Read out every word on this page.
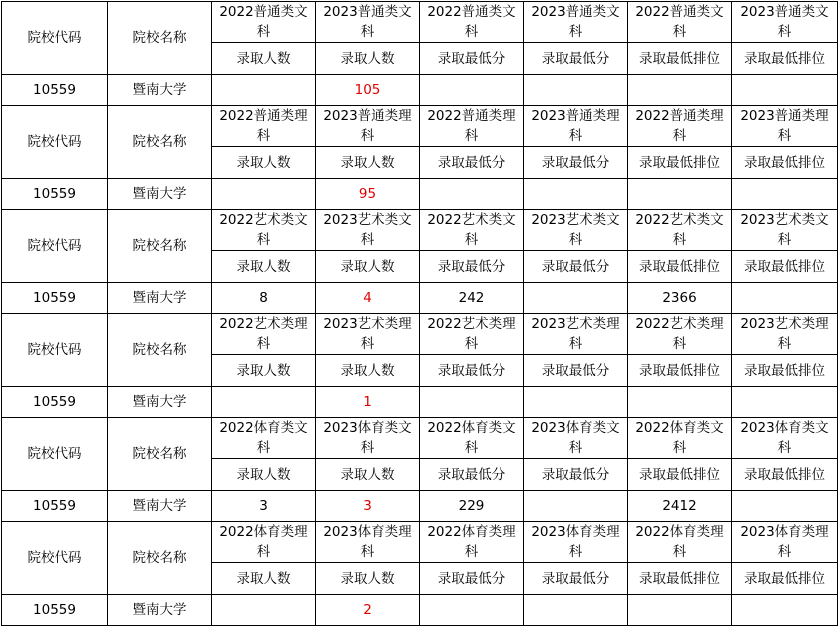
院校代码	院校名称	2022普通类文科	2023普通类文科	2022普通类文科	2023普通类文科	2022普通类文科	2023普通类文科
		录取人数	录取人数	录取最低分	录取最低分	录取最低排位	录取最低排位
10559	暨南大学		105				
院校代码	院校名称	2022普通类理科	2023普通类理科	2022普通类理科	2023普通类理科	2022普通类理科	2023普通类理科
		录取人数	录取人数	录取最低分	录取最低分	录取最低排位	录取最低排位
10559	暨南大学		95				
院校代码	院校名称	2022艺术类文科	2023艺术类文科	2022艺术类文科	2023艺术类文科	2022艺术类文科	2023艺术类文科
		录取人数	录取人数	录取最低分	录取最低分	录取最低排位	录取最低排位
10559	暨南大学	8	4	242		2366	
院校代码	院校名称	2022艺术类理科	2023艺术类理科	2022艺术类理科	2023艺术类理科	2022艺术类理科	2023艺术类理科
		录取人数	录取人数	录取最低分	录取最低分	录取最低排位	录取最低排位
10559	暨南大学		1				
院校代码	院校名称	2022体育类文科	2023体育类文科	2022体育类文科	2023体育类文科	2022体育类文科	2023体育类文科
		录取人数	录取人数	录取最低分	录取最低分	录取最低排位	录取最低排位
10559	暨南大学	3	3	229		2412	
院校代码	院校名称	2022体育类理科	2023体育类理科	2022体育类理科	2023体育类理科	2022体育类理科	2023体育类理科
		录取人数	录取人数	录取最低分	录取最低分	录取最低排位	录取最低排位
10559	暨南大学		2				
